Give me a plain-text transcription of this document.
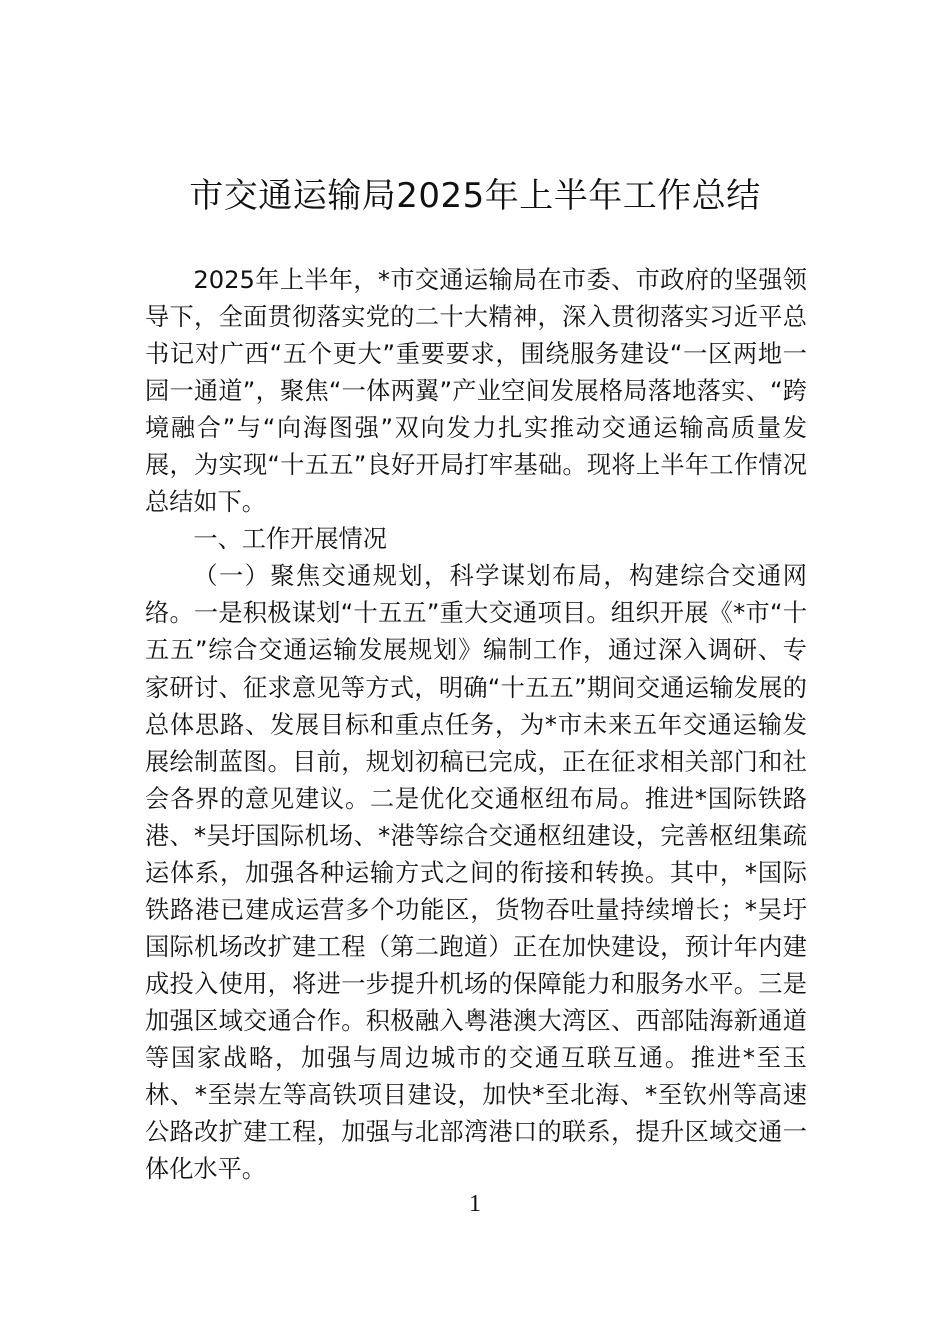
市交通运输局2025年上半年工作总结

2025年上半年，*市交通运输局在市委、市政府的坚强领导下，全面贯彻落实党的二十大精神，深入贯彻落实习近平总书记对广西“五个更大”重要要求，围绕服务建设“一区两地一园一通道”，聚焦“一体两翼”产业空间发展格局落地落实、“跨境融合”与“向海图强”双向发力扎实推动交通运输高质量发展，为实现“十五五”良好开局打牢基础。现将上半年工作情况总结如下。

一、工作开展情况

（一）聚焦交通规划，科学谋划布局，构建综合交通网络。一是积极谋划“十五五”重大交通项目。组织开展《*市“十五五”综合交通运输发展规划》编制工作，通过深入调研、专家研讨、征求意见等方式，明确“十五五”期间交通运输发展的总体思路、发展目标和重点任务，为*市未来五年交通运输发展绘制蓝图。目前，规划初稿已完成，正在征求相关部门和社会各界的意见建议。二是优化交通枢纽布局。推进*国际铁路港、*吴圩国际机场、*港等综合交通枢纽建设，完善枢纽集疏运体系，加强各种运输方式之间的衔接和转换。其中，*国际铁路港已建成运营多个功能区，货物吞吐量持续增长；*吴圩国际机场改扩建工程（第二跑道）正在加快建设，预计年内建成投入使用，将进一步提升机场的保障能力和服务水平。三是加强区域交通合作。积极融入粤港澳大湾区、西部陆海新通道等国家战略，加强与周边城市的交通互联互通。推进*至玉林、*至崇左等高铁项目建设，加快*至北海、*至钦州等高速公路改扩建工程，加强与北部湾港口的联系，提升区域交通一体化水平。

1
